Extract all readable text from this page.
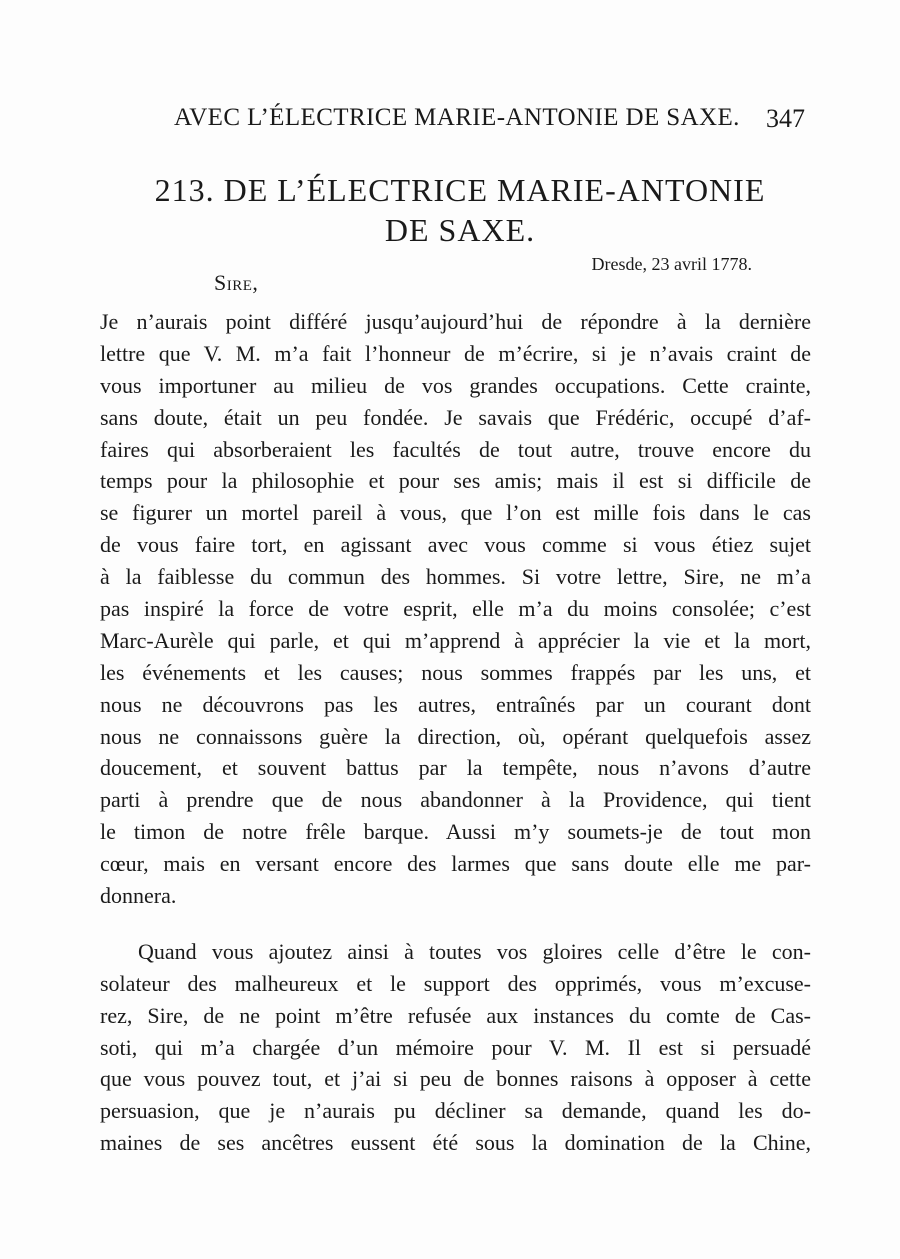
AVEC L’ÉLECTRICE MARIE-ANTONIE DE SAXE. 347
213. DE L’ÉLECTRICE MARIE-ANTONIE
DE SAXE.
Dresde, 23 avril 1778.
Sire,
Je n’aurais point différé jusqu’aujourd’hui de répondre à la dernière
lettre que V. M. m’a fait l’honneur de m’écrire, si je n’avais craint de
vous importuner au milieu de vos grandes occupations. Cette crainte,
sans doute, était un peu fondée. Je savais que Frédéric, occupé d’af-
faires qui absorberaient les facultés de tout autre, trouve encore du
temps pour la philosophie et pour ses amis; mais il est si difficile de
se figurer un mortel pareil à vous, que l’on est mille fois dans le cas
de vous faire tort, en agissant avec vous comme si vous étiez sujet
à la faiblesse du commun des hommes. Si votre lettre, Sire, ne m’a
pas inspiré la force de votre esprit, elle m’a du moins consolée; c’est
Marc-Aurèle qui parle, et qui m’apprend à apprécier la vie et la mort,
les événements et les causes; nous sommes frappés par les uns, et
nous ne découvrons pas les autres, entraînés par un courant dont
nous ne connaissons guère la direction, où, opérant quelquefois assez
doucement, et souvent battus par la tempête, nous n’avons d’autre
parti à prendre que de nous abandonner à la Providence, qui tient
le timon de notre frêle barque. Aussi m’y soumets-je de tout mon
cœur, mais en versant encore des larmes que sans doute elle me par-
donnera.
Quand vous ajoutez ainsi à toutes vos gloires celle d’être le con-
solateur des malheureux et le support des opprimés, vous m’excuse-
rez, Sire, de ne point m’être refusée aux instances du comte de Cas-
soti, qui m’a chargée d’un mémoire pour V. M. Il est si persuadé
que vous pouvez tout, et j’ai si peu de bonnes raisons à opposer à cette
persuasion, que je n’aurais pu décliner sa demande, quand les do-
maines de ses ancêtres eussent été sous la domination de la Chine,
